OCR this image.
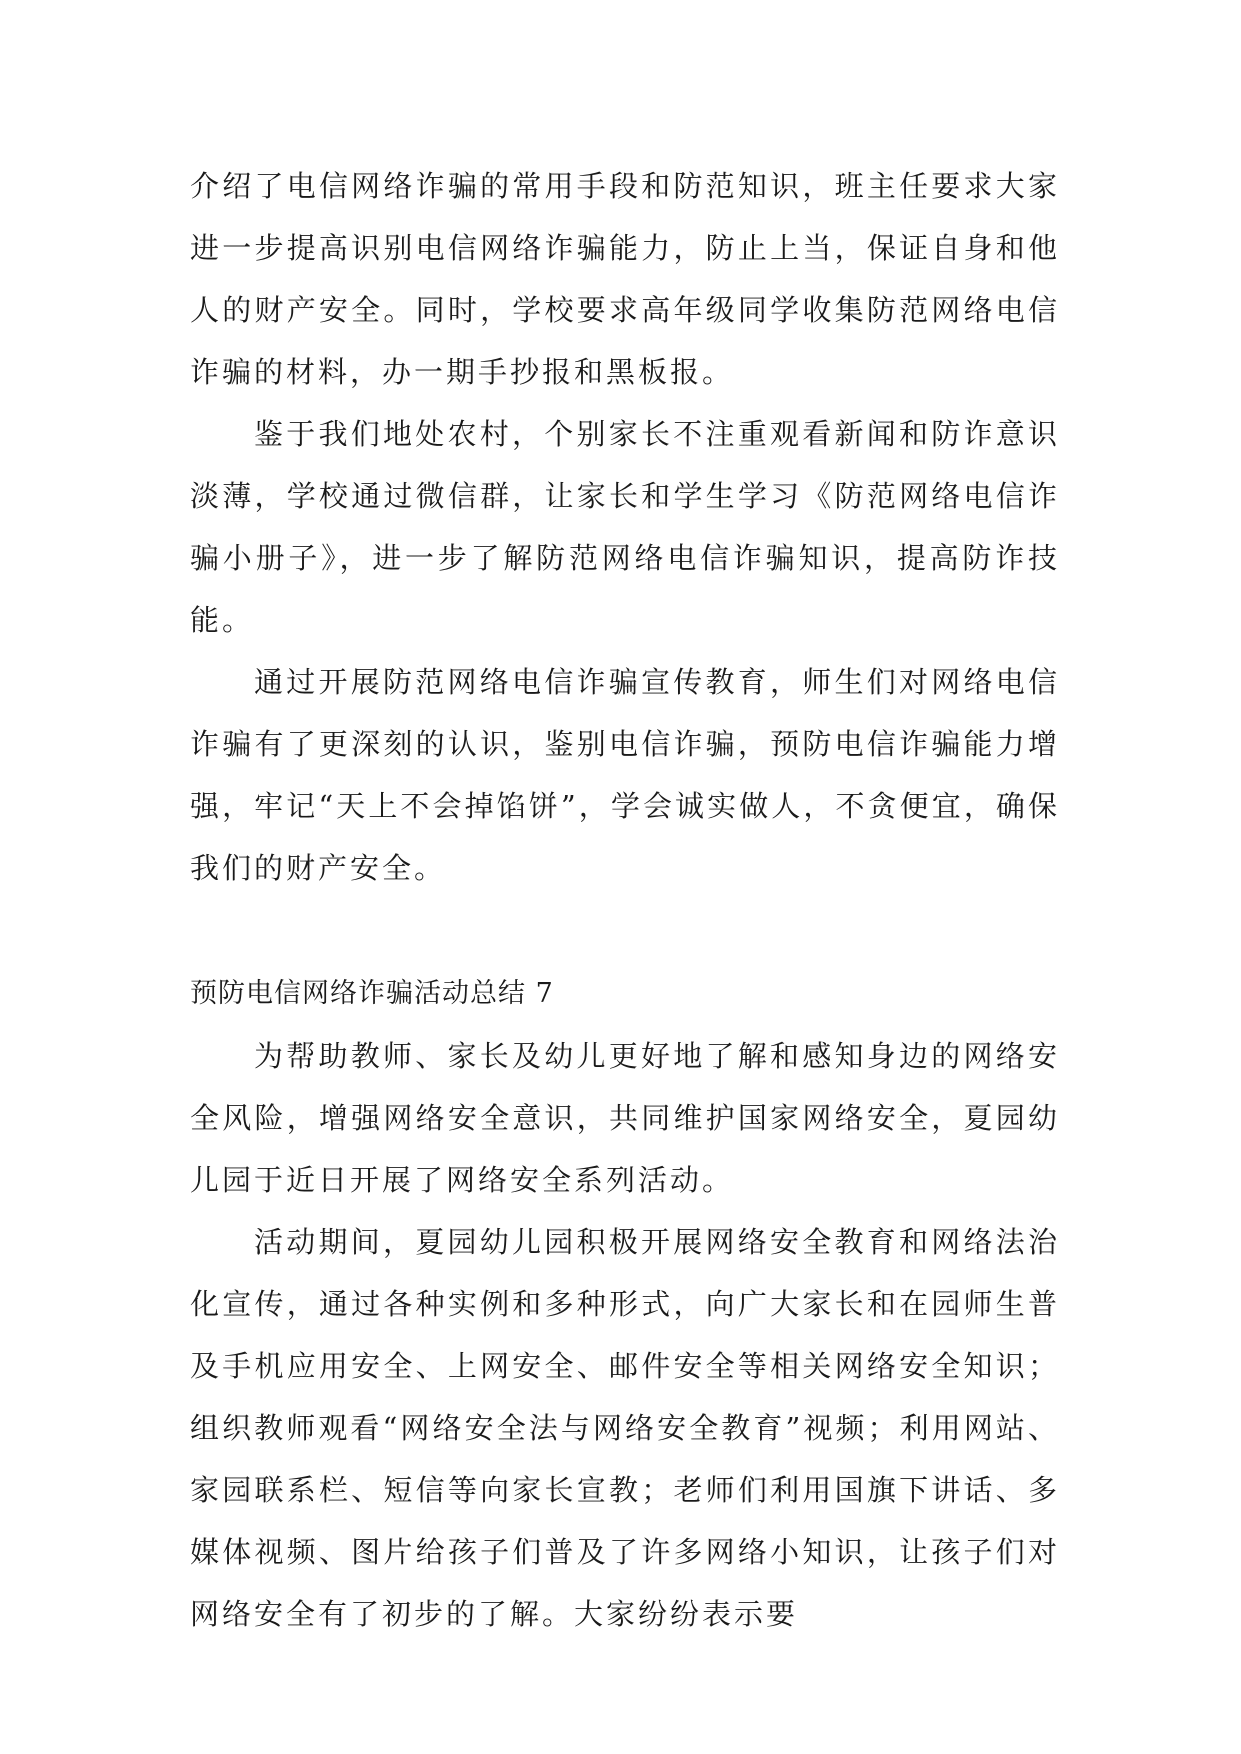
介绍了电信网络诈骗的常用手段和防范知识，班主任要求大家进一步提高识别电信网络诈骗能力，防止上当，保证自身和他人的财产安全。同时，学校要求高年级同学收集防范网络电信诈骗的材料，办一期手抄报和黑板报。

鉴于我们地处农村，个别家长不注重观看新闻和防诈意识淡薄，学校通过微信群，让家长和学生学习《防范网络电信诈骗小册子》，进一步了解防范网络电信诈骗知识，提高防诈技能。

通过开展防范网络电信诈骗宣传教育，师生们对网络电信诈骗有了更深刻的认识，鉴别电信诈骗，预防电信诈骗能力增强，牢记“天上不会掉馅饼”，学会诚实做人，不贪便宜，确保我们的财产安全。

预防电信网络诈骗活动总结 7

为帮助教师、家长及幼儿更好地了解和感知身边的网络安全风险，增强网络安全意识，共同维护国家网络安全，夏园幼儿园于近日开展了网络安全系列活动。

活动期间，夏园幼儿园积极开展网络安全教育和网络法治化宣传，通过各种实例和多种形式，向广大家长和在园师生普及手机应用安全、上网安全、邮件安全等相关网络安全知识；组织教师观看“网络安全法与网络安全教育”视频；利用网站、家园联系栏、短信等向家长宣教；老师们利用国旗下讲话、多媒体视频、图片给孩子们普及了许多网络小知识，让孩子们对网络安全有了初步的了解。大家纷纷表示要
